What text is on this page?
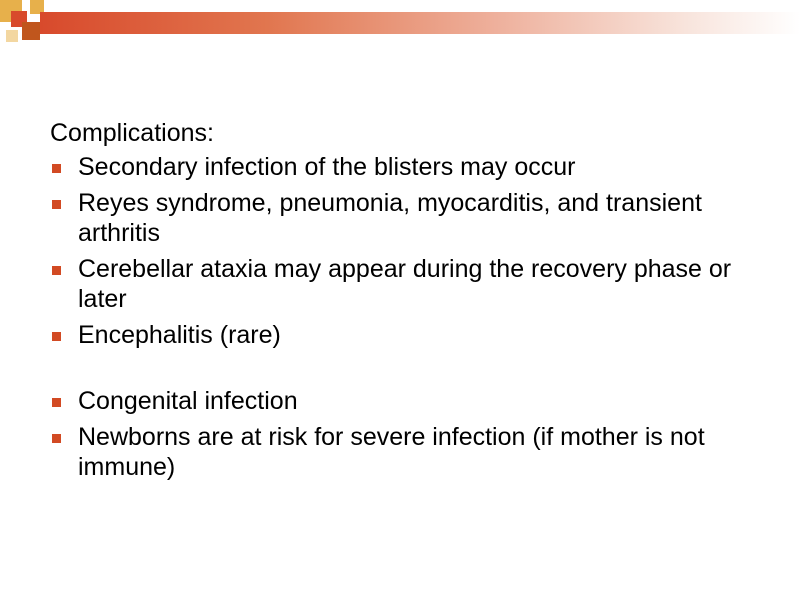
Complications:
Secondary infection of the blisters may occur
Reyes syndrome, pneumonia, myocarditis, and transient arthritis
Cerebellar ataxia may appear during the recovery phase or later
Encephalitis (rare)
Congenital infection
Newborns are at risk for severe infection (if mother is not immune)
